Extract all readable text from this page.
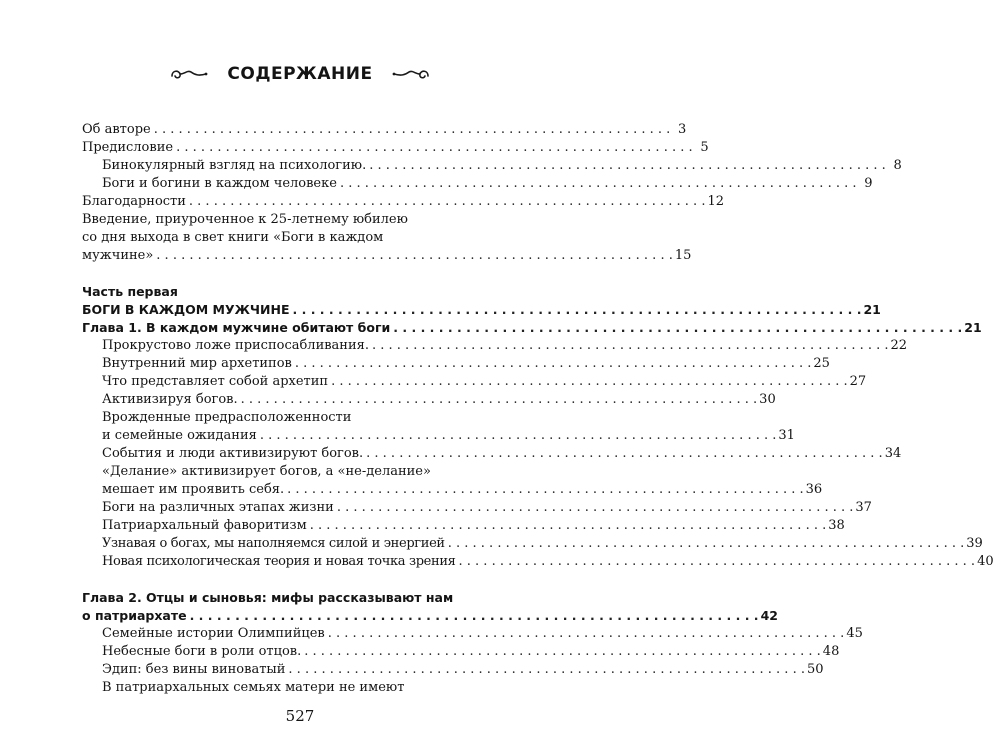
СОДЕРЖАНИЕ
Об авторе . . . . . . . . . . . . . . . . . . . . . . . . . . . . . . . . . . . . . . . . . . . . . . . . . . . . . . . . . . . . . . . 3
Предисловие . . . . . . . . . . . . . . . . . . . . . . . . . . . . . . . . . . . . . . . . . . . . . . . . . . . . . . . . . . . . . . . 5
Бинокулярный взгляд на психологию. . . . . . . . . . . . . . . . . . . . . . . . . . . . . . . . . . . . . . . . . . . . . . . . . . . . . . . . . . . . . . . . 8
Боги и богини в каждом человеке . . . . . . . . . . . . . . . . . . . . . . . . . . . . . . . . . . . . . . . . . . . . . . . . . . . . . . . . . . . . . . . 9
Благодарности . . . . . . . . . . . . . . . . . . . . . . . . . . . . . . . . . . . . . . . . . . . . . . . . . . . . . . . . . . . . . . . 12
Введение, приуроченное к 25-летнему юбилею
со дня выхода в свет книги «Боги в каждом
мужчине» . . . . . . . . . . . . . . . . . . . . . . . . . . . . . . . . . . . . . . . . . . . . . . . . . . . . . . . . . . . . . . . 15
Часть первая
БОГИ В КАЖДОМ МУЖЧИНЕ . . . . . . . . . . . . . . . . . . . . . . . . . . . . . . . . . . . . . . . . . . . . . . . . . . . . . . . . . . . . . . . 21
Глава 1. В каждом мужчине обитают боги . . . . . . . . . . . . . . . . . . . . . . . . . . . . . . . . . . . . . . . . . . . . . . . . . . . . . . . . . . . . . . . 21
Прокрустово ложе приспосабливания. . . . . . . . . . . . . . . . . . . . . . . . . . . . . . . . . . . . . . . . . . . . . . . . . . . . . . . . . . . . . . . . 22
Внутренний мир архетипов . . . . . . . . . . . . . . . . . . . . . . . . . . . . . . . . . . . . . . . . . . . . . . . . . . . . . . . . . . . . . . . 25
Что представляет собой архетип . . . . . . . . . . . . . . . . . . . . . . . . . . . . . . . . . . . . . . . . . . . . . . . . . . . . . . . . . . . . . . . 27
Активизируя богов. . . . . . . . . . . . . . . . . . . . . . . . . . . . . . . . . . . . . . . . . . . . . . . . . . . . . . . . . . . . . . . . 30
Врожденные предрасположенности
и семейные ожидания . . . . . . . . . . . . . . . . . . . . . . . . . . . . . . . . . . . . . . . . . . . . . . . . . . . . . . . . . . . . . . . 31
События и люди активизируют богов. . . . . . . . . . . . . . . . . . . . . . . . . . . . . . . . . . . . . . . . . . . . . . . . . . . . . . . . . . . . . . . . 34
«Делание» активизирует богов, а «не-делание»
мешает им проявить себя. . . . . . . . . . . . . . . . . . . . . . . . . . . . . . . . . . . . . . . . . . . . . . . . . . . . . . . . . . . . . . . . 36
Боги на различных этапах жизни . . . . . . . . . . . . . . . . . . . . . . . . . . . . . . . . . . . . . . . . . . . . . . . . . . . . . . . . . . . . . . . 37
Патриархальный фаворитизм . . . . . . . . . . . . . . . . . . . . . . . . . . . . . . . . . . . . . . . . . . . . . . . . . . . . . . . . . . . . . . . 38
Узнавая о богах, мы наполняемся силой и энергией . . . . . . . . . . . . . . . . . . . . . . . . . . . . . . . . . . . . . . . . . . . . . . . . . . . . . . . . . . . . . . . 39
Новая психологическая теория и новая точка зрения . . . . . . . . . . . . . . . . . . . . . . . . . . . . . . . . . . . . . . . . . . . . . . . . . . . . . . . . . . . . . . . 40
Глава 2. Отцы и сыновья: мифы рассказывают нам
о патриархате . . . . . . . . . . . . . . . . . . . . . . . . . . . . . . . . . . . . . . . . . . . . . . . . . . . . . . . . . . . . . . . 42
Семейные истории Олимпийцев . . . . . . . . . . . . . . . . . . . . . . . . . . . . . . . . . . . . . . . . . . . . . . . . . . . . . . . . . . . . . . . 45
Небесные боги в роли отцов. . . . . . . . . . . . . . . . . . . . . . . . . . . . . . . . . . . . . . . . . . . . . . . . . . . . . . . . . . . . . . . . 48
Эдип: без вины виноватый . . . . . . . . . . . . . . . . . . . . . . . . . . . . . . . . . . . . . . . . . . . . . . . . . . . . . . . . . . . . . . . 50
В патриархальных семьях матери не имеют
527
